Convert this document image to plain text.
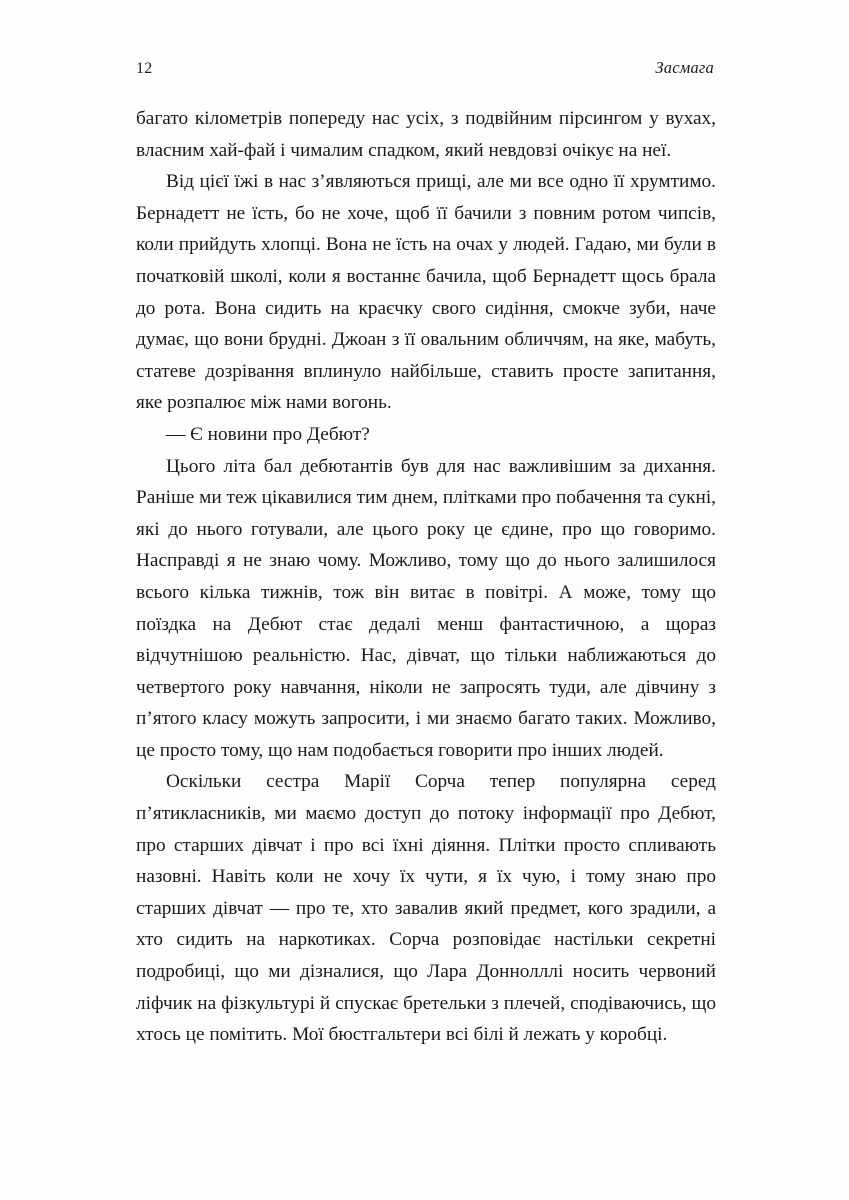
12	Засмага

багато кілометрів попереду нас усіх, з подвійним пірсингом у вухах, власним хай-фай і чималим спадком, який невдовзі очікує на неї.

Від цієї їжі в нас з’являються прищі, але ми все одно її хрумтимо. Бернадетт не їсть, бо не хоче, щоб її бачили з повним ротом чипсів, коли прийдуть хлопці. Вона не їсть на очах у людей. Гадаю, ми були в початковій школі, коли я востаннє бачила, щоб Бернадетт щось брала до рота. Вона сидить на краєчку свого сидіння, смокче зуби, наче думає, що вони брудні. Джоан з її овальним обличчям, на яке, мабуть, статеве дозрівання вплинуло найбільше, ставить просте запитання, яке розпалює між нами вогонь.

— Є новини про Дебют?

Цього літа бал дебютантів був для нас важливішим за дихання. Раніше ми теж цікавилися тим днем, плітками про побачення та сукні, які до нього готували, але цього року це єдине, про що говоримо. Насправді я не знаю чому. Можливо, тому що до нього залишилося всього кілька тижнів, тож він витає в повітрі. А може, тому що поїздка на Дебют стає дедалі менш фантастичною, а щораз відчутнішою реальністю. Нас, дівчат, що тільки наближаються до четвертого року навчання, ніколи не запросять туди, але дівчину з п’ятого класу можуть запросити, і ми знаємо багато таких. Можливо, це просто тому, що нам подобається говорити про інших людей.

Оскільки сестра Марії Сорча тепер популярна серед п’ятикласників, ми маємо доступ до потоку інформації про Дебют, про старших дівчат і про всі їхні діяння. Плітки просто спливають назовні. Навіть коли не хочу їх чути, я їх чую, і тому знаю про старших дівчат — про те, хто завалив який предмет, кого зрадили, а хто сидить на наркотиках. Сорча розповідає настільки секретні подробиці, що ми дізналися, що Лара Доннолллі носить червоний ліфчик на фізкультурі й спускає бретельки з плечей, сподіваючись, що хтось це помітить. Мої бюстгальтери всі білі й лежать у коробці.
